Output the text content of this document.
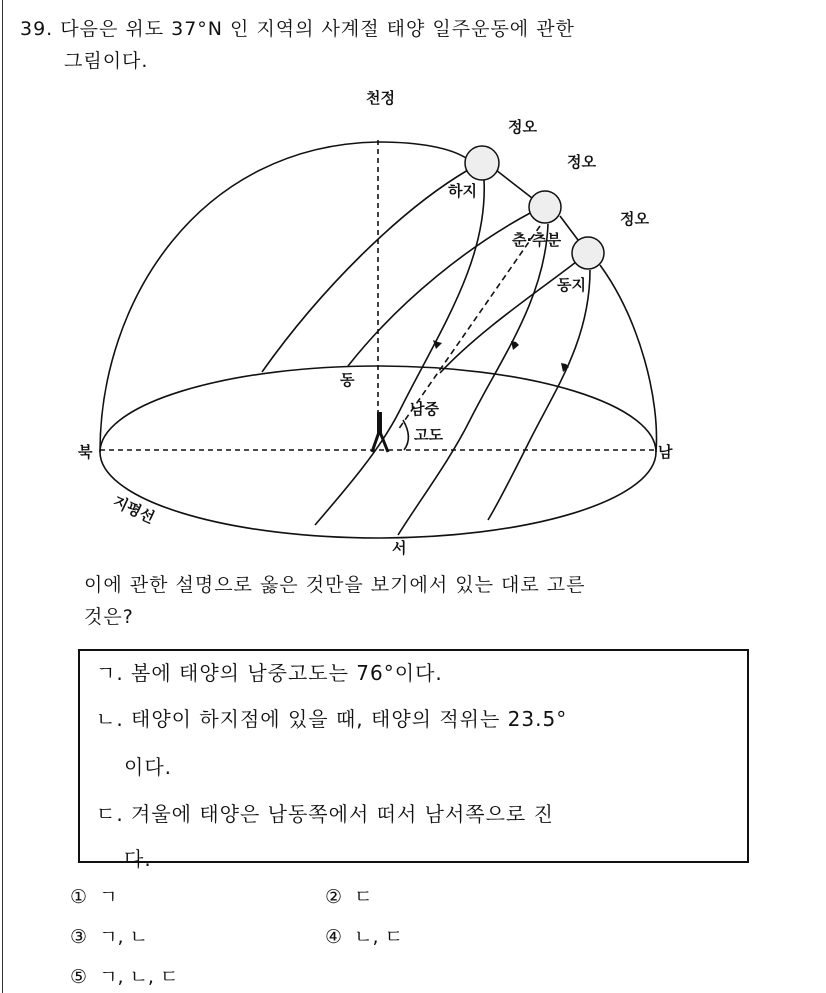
39. 다음은 위도 37°N 인 지역의 사계절 태양 일주운동에 관한
그림이다.
천정
정오
정오
정오
하지
춘·추분
동지
동
서
북	남
남중
고도
지평선
이에 관한 설명으로 옳은 것만을 보기에서 있는 대로 고른
것은?
ㄱ. 봄에 태양의 남중고도는 76°이다.
ㄴ. 태양이 하지점에 있을 때, 태양의 적위는 23.5°
이다.
ㄷ. 겨울에 태양은 남동쪽에서 떠서 남서쪽으로 진
다.
① ㄱ	② ㄷ
③ ㄱ, ㄴ	④ ㄴ, ㄷ
⑤ ㄱ, ㄴ, ㄷ
